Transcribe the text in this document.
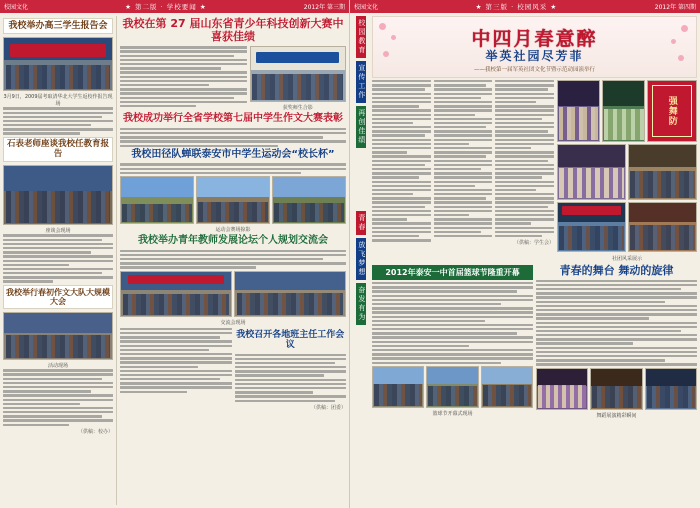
校园文化	★ 第二版 · 学校要闻 ★	2012年 第三期
我校举办高三学生报告会
3月9日，2009届考取清华北大学生返校作报告现场
石表老师座谈我校任教育报告
座谈会现场
我校举行春初作文大队大规模大会
活动现场
（供稿：校办）
我校在第 27 届山东省青少年科技创新大赛中喜获佳绩
获奖师生合影
我校成功举行全省学校第七届中学生作文大赛表彰
我校田径队蝉联泰安市中学生运动会“校长杯”
运动会赛场掠影
我校举办青年教师发展论坛个人规划交流会
交流会现场
我校召开各地班主任工作会议
（供稿：团委）
校园文化	★ 第三版 · 校园风采 ★	2012年 第四期
校园教育
宣传工作
再创佳绩
青春
放飞梦想
奋发有为
中四月春意醉
举英社园尽芳菲
——我校第一届军英社团文化节暨示范动园演举行
（供稿：学生会）
强舞防
社团风采展示
2012年泰安一中首届篮球节隆重开幕
篮球节开幕式现场
青春的舞台 舞动的旋律
舞蹈展演精彩瞬间
